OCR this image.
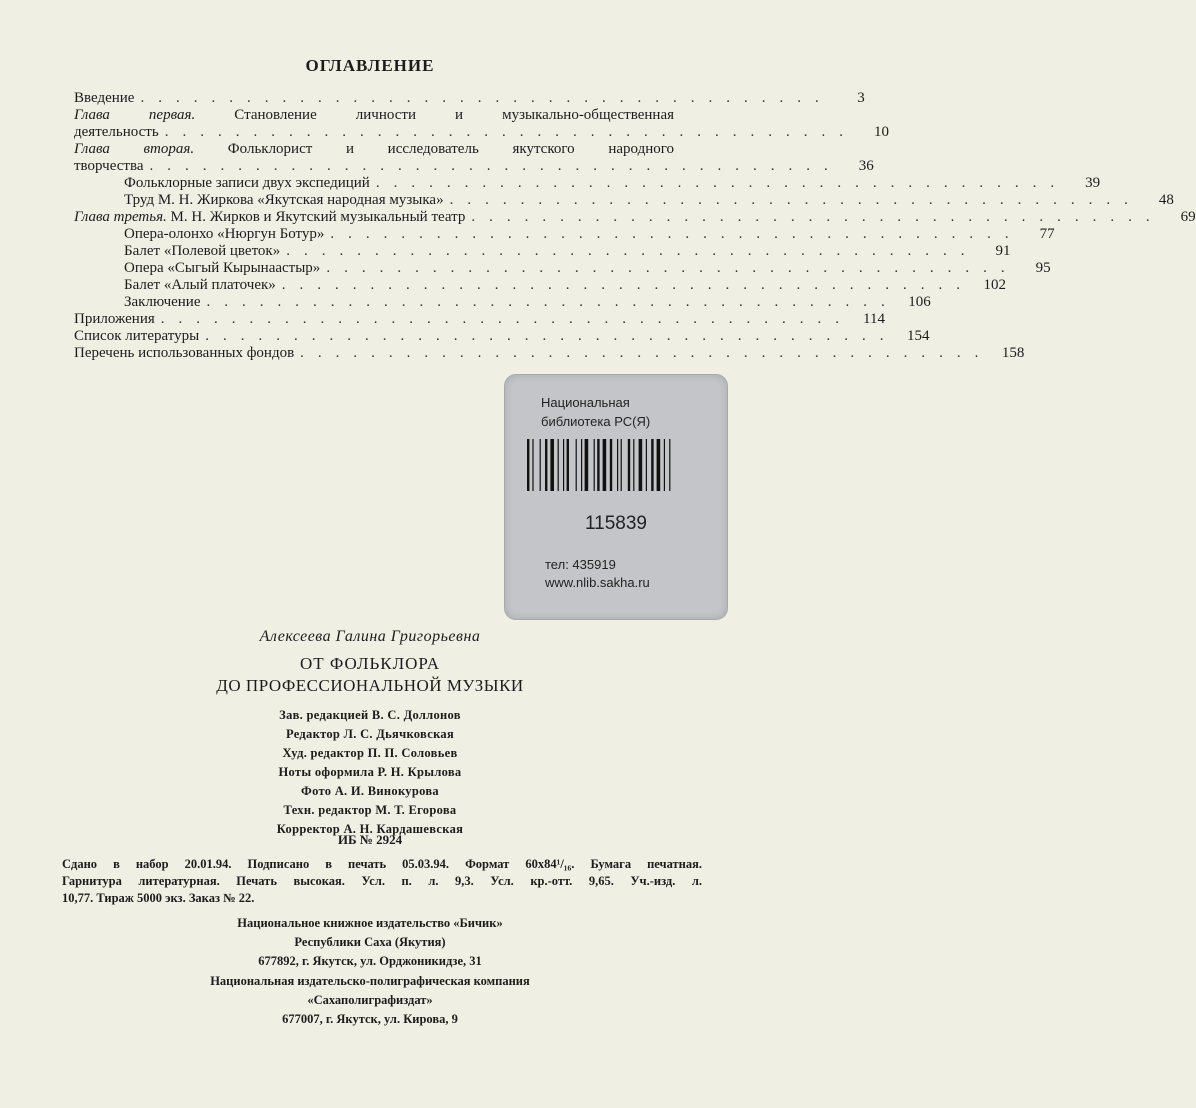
ОГЛАВЛЕНИЕ
Введение .......................................	3
Глава первая. Становление личности и музыкально-общественная
деятельность .......................................	10
Глава вторая. Фольклорист и исследователь якутского народного
творчества .......................................	36
Фольклорные записи двух экспедиций .......................................	39
Труд М. Н. Жиркова «Якутская народная музыка» .......................................	48
Глава третья. М. Н. Жирков и Якутский музыкальный театр .......................................	69
Опера-олонхо «Нюргун Ботур» .......................................	77
Балет «Полевой цветок» .......................................	91
Опера «Сыгый Кырынаастыр» .......................................	95
Балет «Алый платочек» ....................................... 102
Заключение ....................................... 106
Приложения ....................................... 114
Список литературы ....................................... 154
Перечень использованных фондов ....................................... 158
Национальная
библиотека РС(Я)
115839
тел: 435919
www.nlib.sakha.ru
Алексеева Галина Григорьевна
ОТ ФОЛЬКЛОРА
ДО ПРОФЕССИОНАЛЬНОЙ МУЗЫКИ
Зав. редакцией В. С. Доллонов
Редактор Л. С. Дьячковская
Худ. редактор П. П. Соловьев
Ноты оформила Р. Н. Крылова
Фото А. И. Винокурова
Техн. редактор М. Т. Егорова
Корректор А. Н. Кардашевская
ИБ № 2924
Сдано в набор 20.01.94. Подписано в печать 05.03.94. Формат 60x84¹/₁₆. Бумага печатная.
Гарнитура литературная. Печать высокая. Усл. п. л. 9,3. Усл. кр.-отт. 9,65. Уч.-изд. л.
10,77. Тираж 5000 экз. Заказ № 22.
Национальное книжное издательство «Бичик»
Республики Саха (Якутия)
677892, г. Якутск, ул. Орджоникидзе, 31
Национальная издательско-полиграфическая компания
«Сахаполиграфиздат»
677007, г. Якутск, ул. Кирова, 9
